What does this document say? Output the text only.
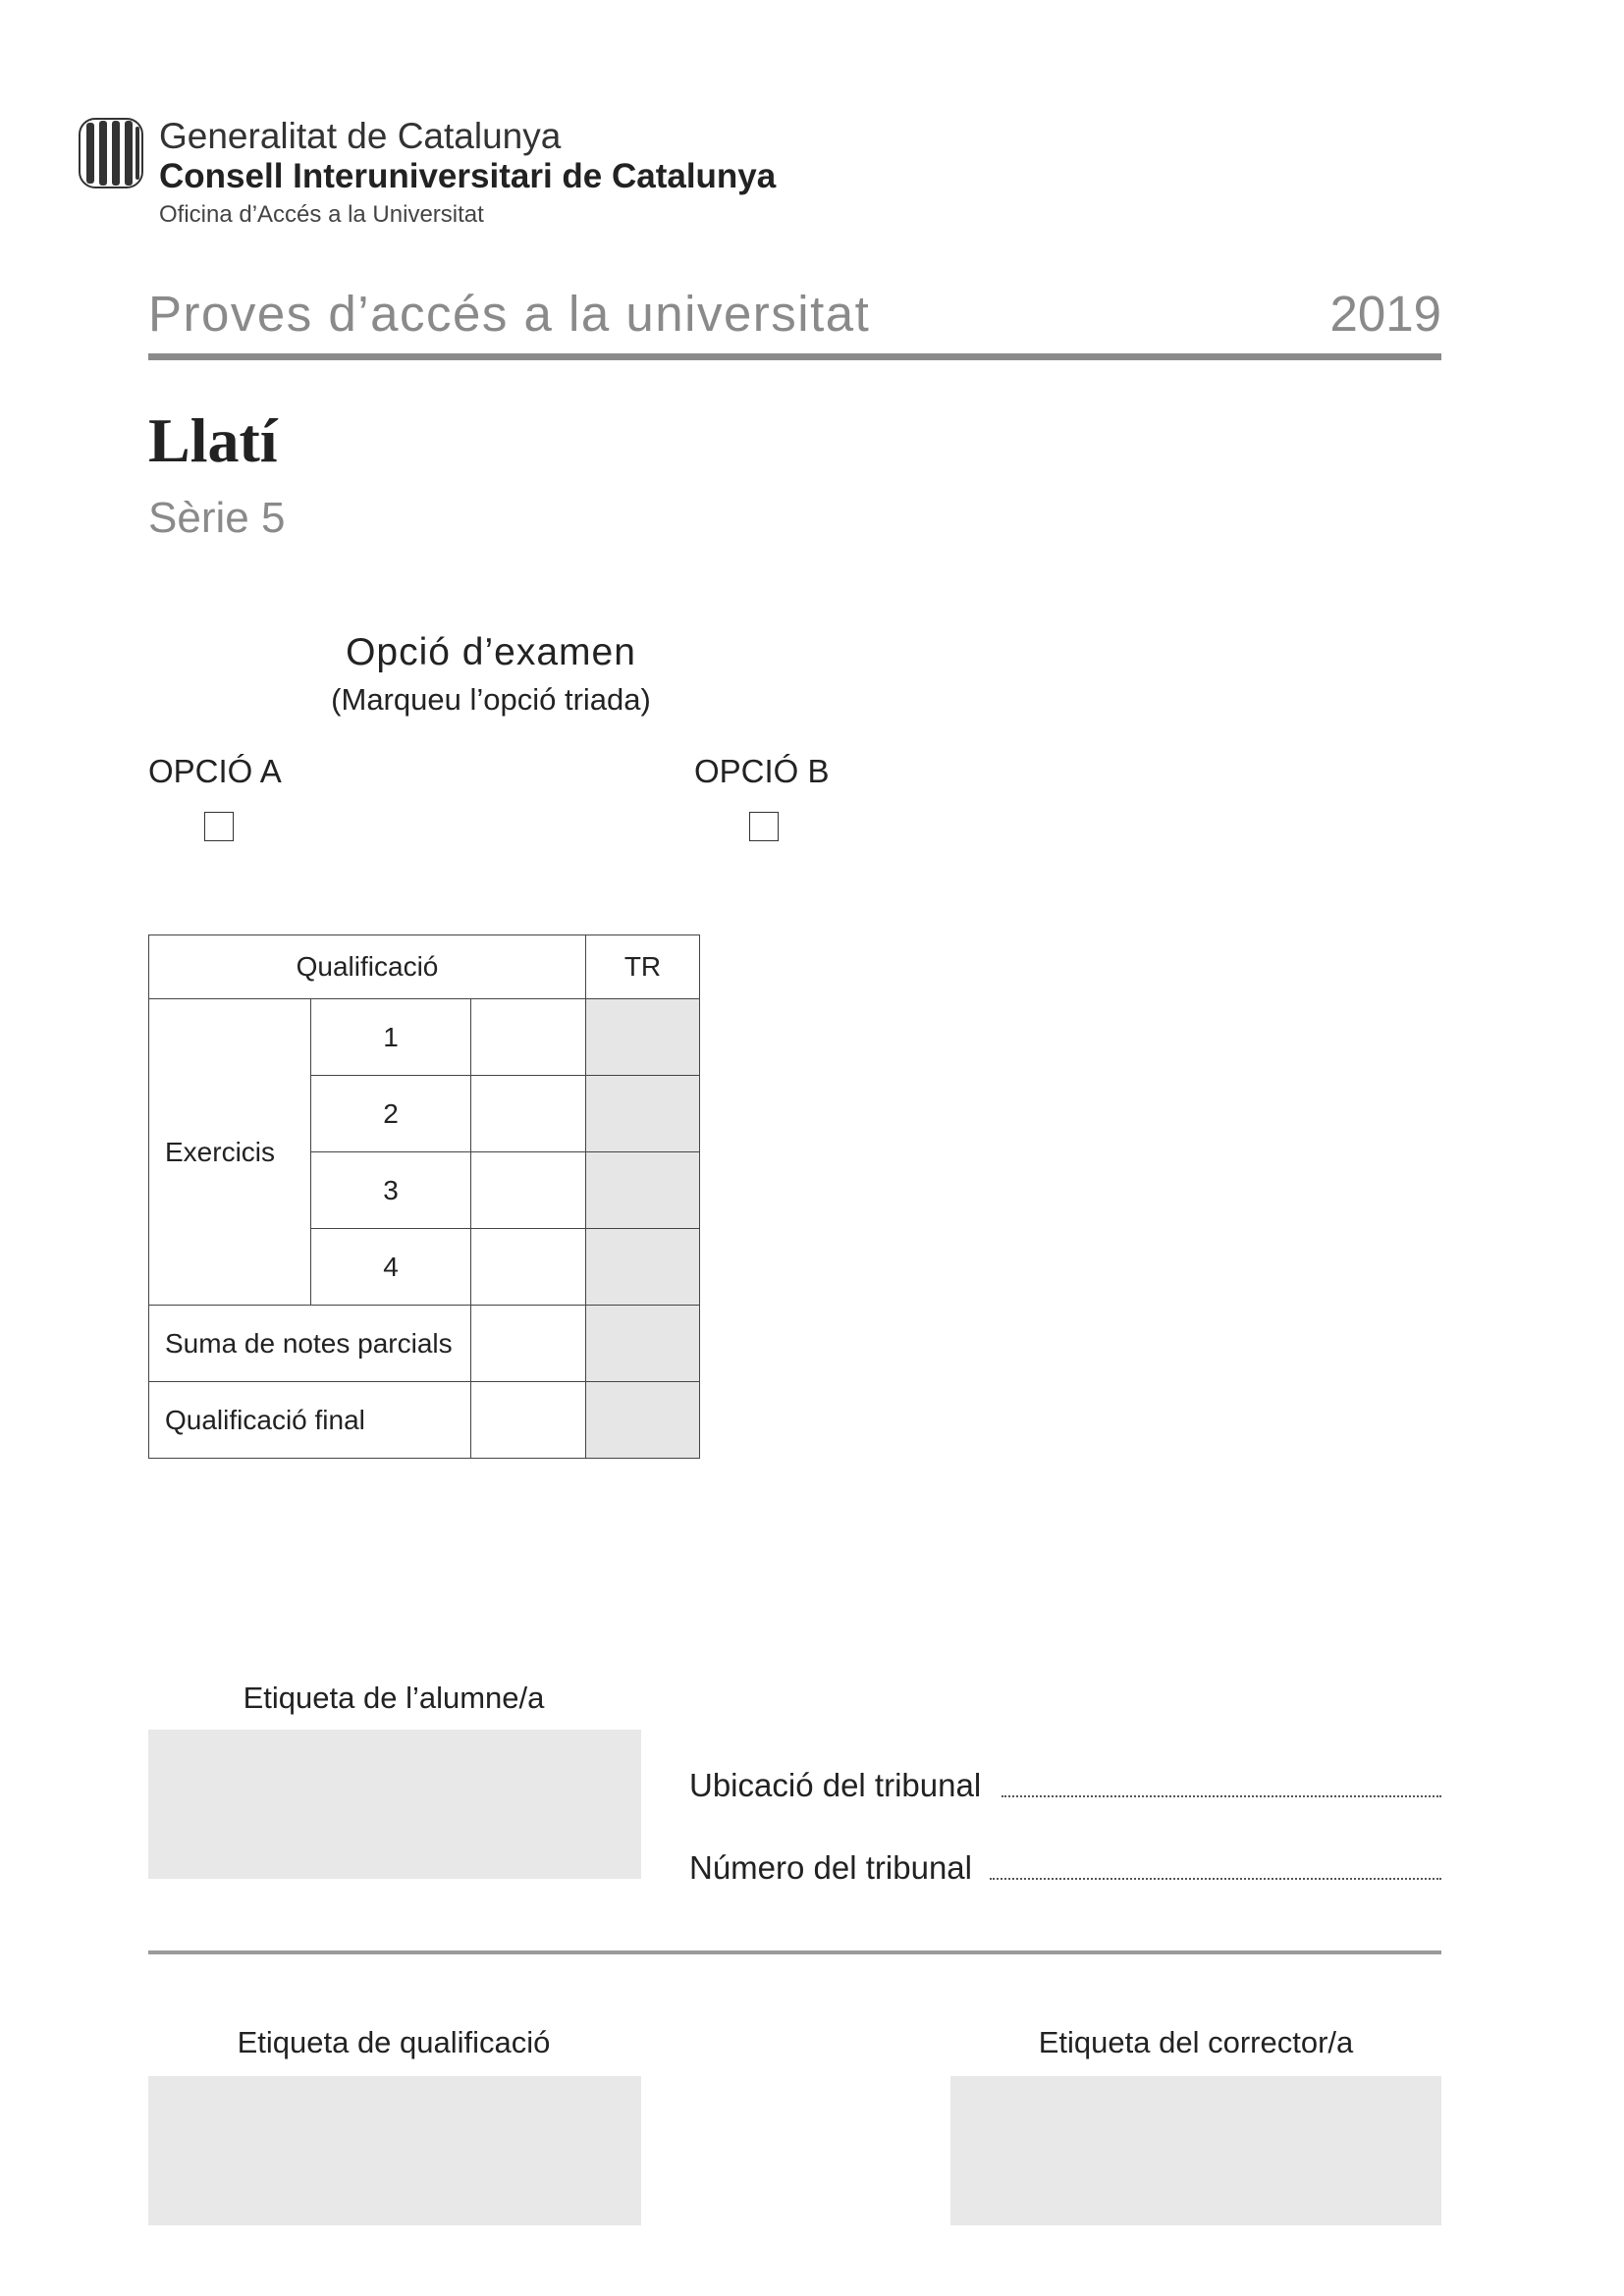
Generalitat de Catalunya
Consell Interuniversitari de Catalunya
Oficina d’Accés a la Universitat
Proves d’accés a la universitat	2019
Llatí
Sèrie 5
Opció d’examen
(Marqueu l’opció triada)
OPCIÓ A	OPCIÓ B
Qualificació			TR
Exercicis	1		
	2		
	3		
	4		
Suma de notes parcials			
Qualificació final			
Etiqueta de l’alumne/a
Ubicació del tribunal
Número del tribunal
Etiqueta de qualificació	Etiqueta del corrector/a
